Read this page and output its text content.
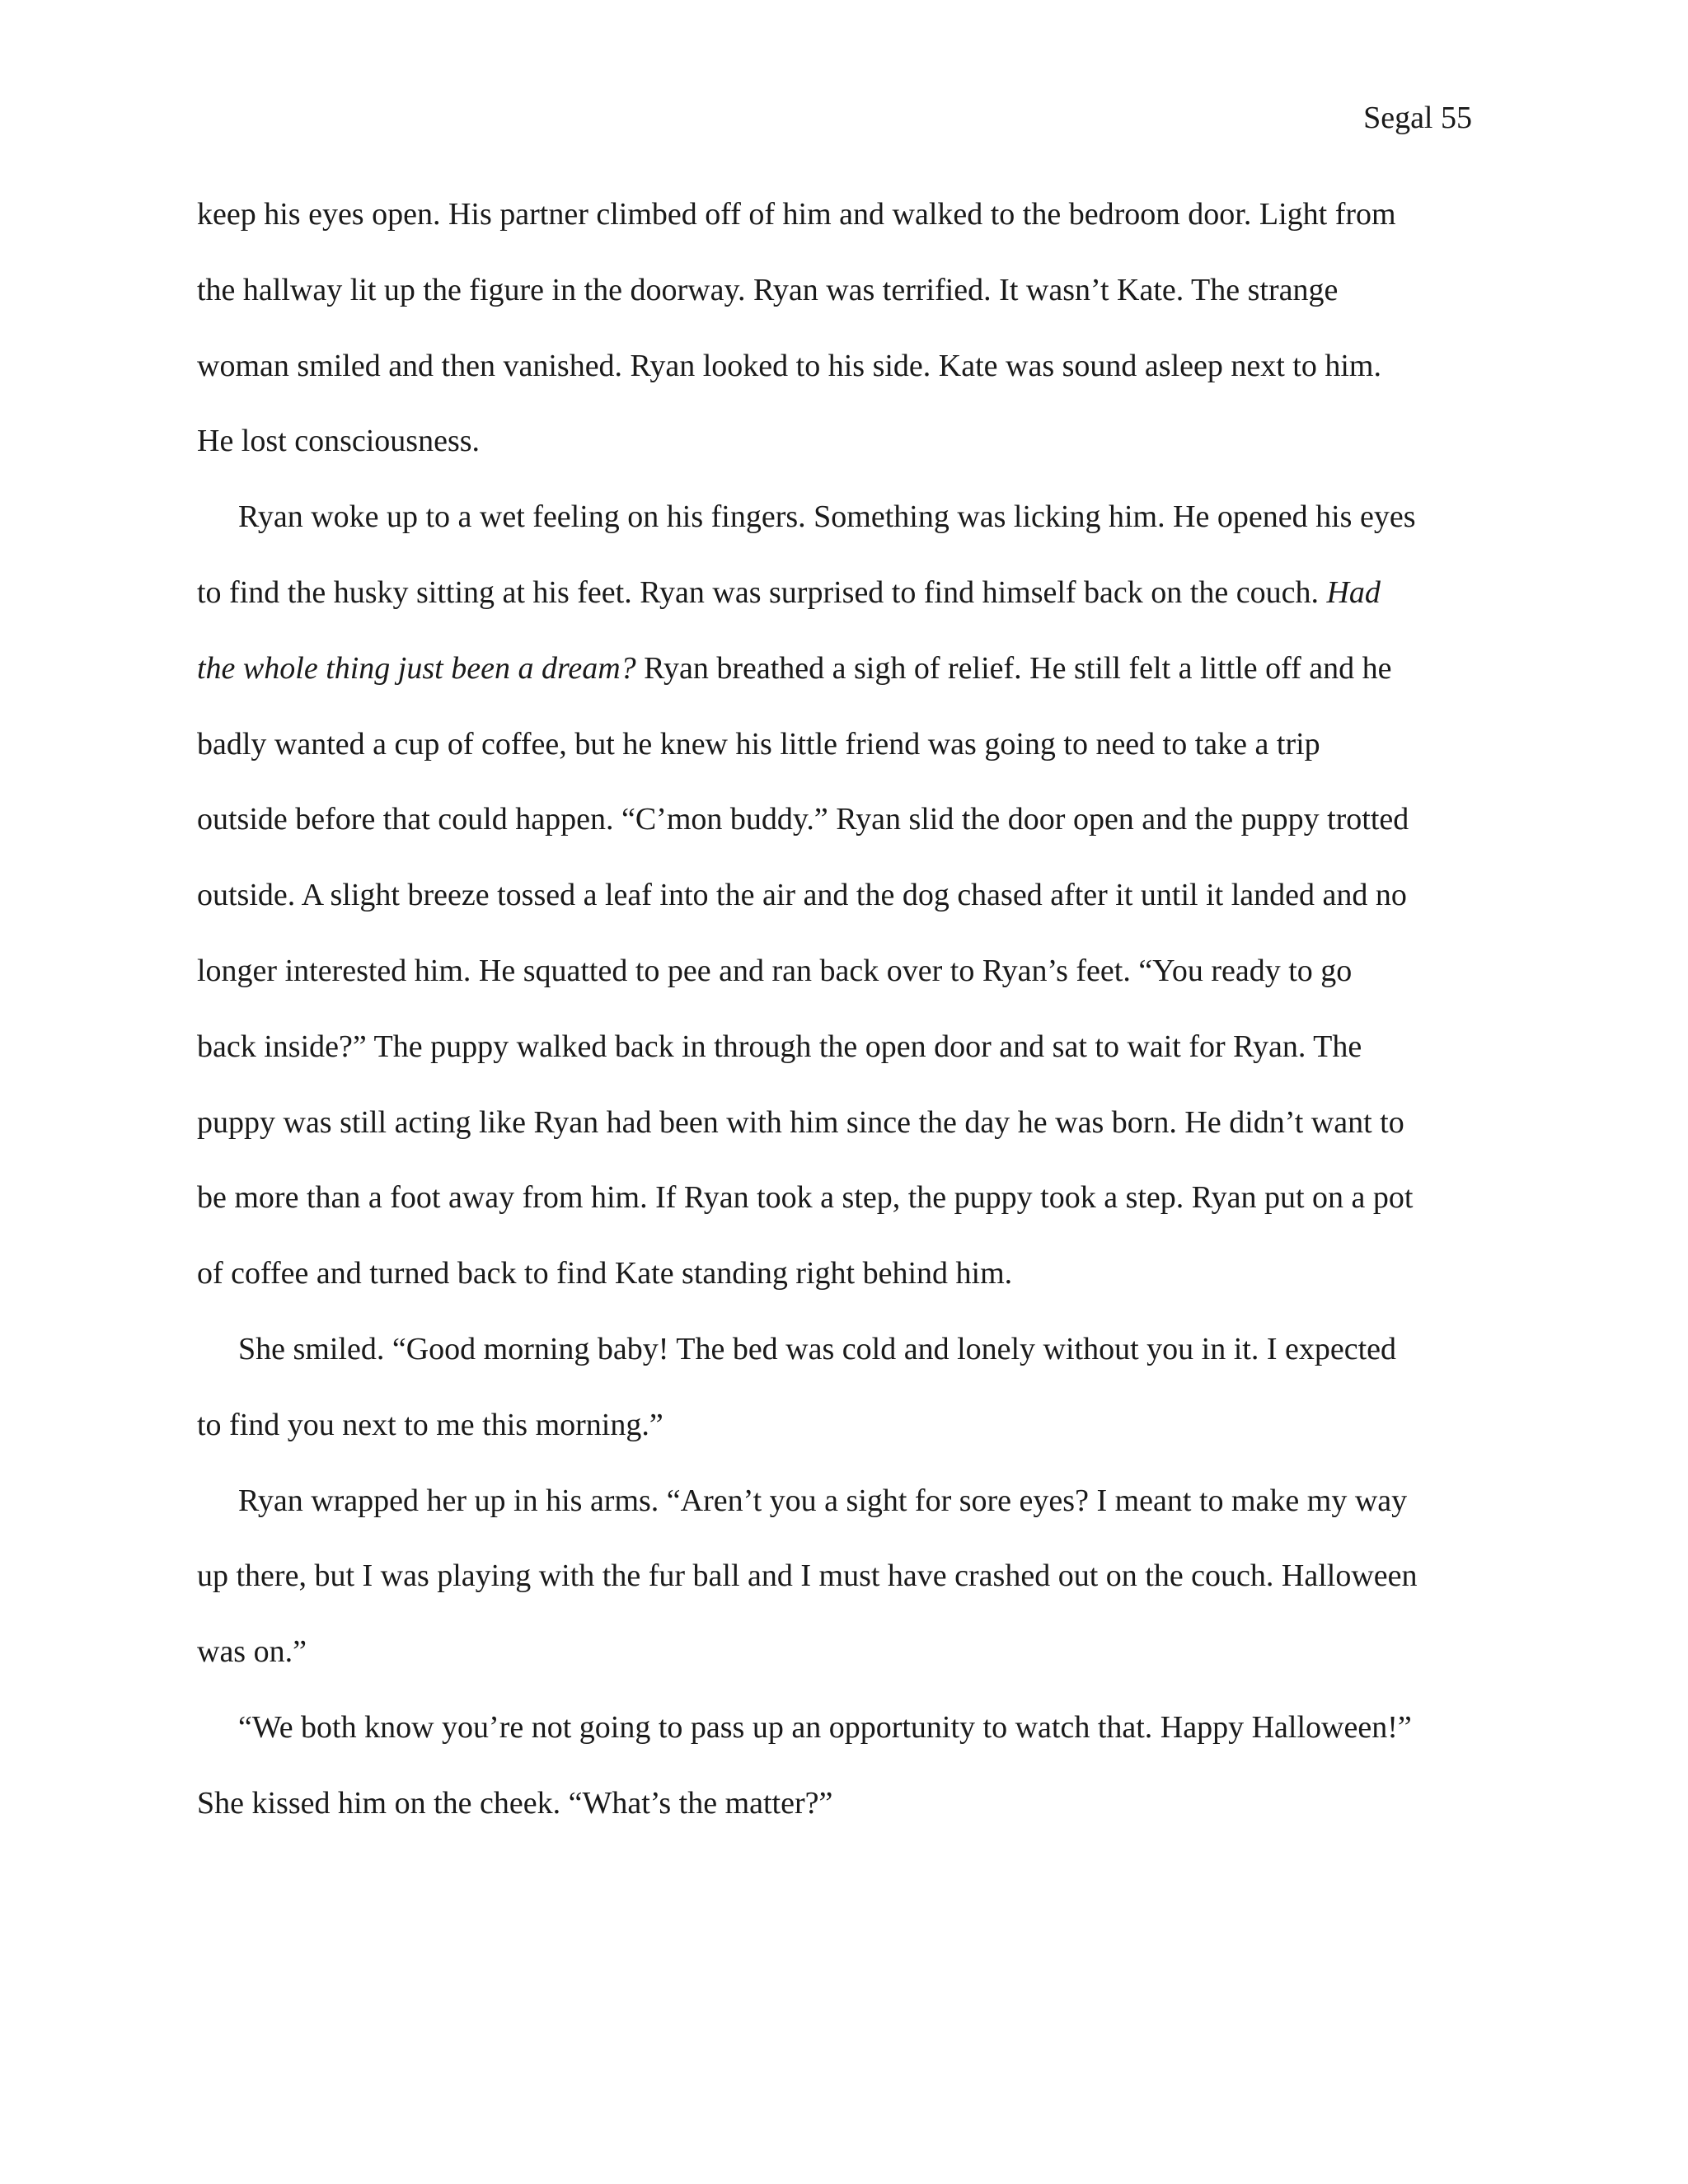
Segal 55
keep his eyes open. His partner climbed off of him and walked to the bedroom door. Light from
the hallway lit up the figure in the doorway. Ryan was terrified. It wasn’t Kate. The strange
woman smiled and then vanished. Ryan looked to his side. Kate was sound asleep next to him.
He lost consciousness.
Ryan woke up to a wet feeling on his fingers. Something was licking him. He opened his eyes
to find the husky sitting at his feet. Ryan was surprised to find himself back on the couch. Had
the whole thing just been a dream? Ryan breathed a sigh of relief. He still felt a little off and he
badly wanted a cup of coffee, but he knew his little friend was going to need to take a trip
outside before that could happen. “C’mon buddy.” Ryan slid the door open and the puppy trotted
outside. A slight breeze tossed a leaf into the air and the dog chased after it until it landed and no
longer interested him. He squatted to pee and ran back over to Ryan’s feet. “You ready to go
back inside?” The puppy walked back in through the open door and sat to wait for Ryan. The
puppy was still acting like Ryan had been with him since the day he was born. He didn’t want to
be more than a foot away from him. If Ryan took a step, the puppy took a step. Ryan put on a pot
of coffee and turned back to find Kate standing right behind him.
She smiled. “Good morning baby! The bed was cold and lonely without you in it. I expected
to find you next to me this morning.”
Ryan wrapped her up in his arms. “Aren’t you a sight for sore eyes? I meant to make my way
up there, but I was playing with the fur ball and I must have crashed out on the couch. Halloween
was on.”
“We both know you’re not going to pass up an opportunity to watch that. Happy Halloween!”
She kissed him on the cheek. “What’s the matter?”
